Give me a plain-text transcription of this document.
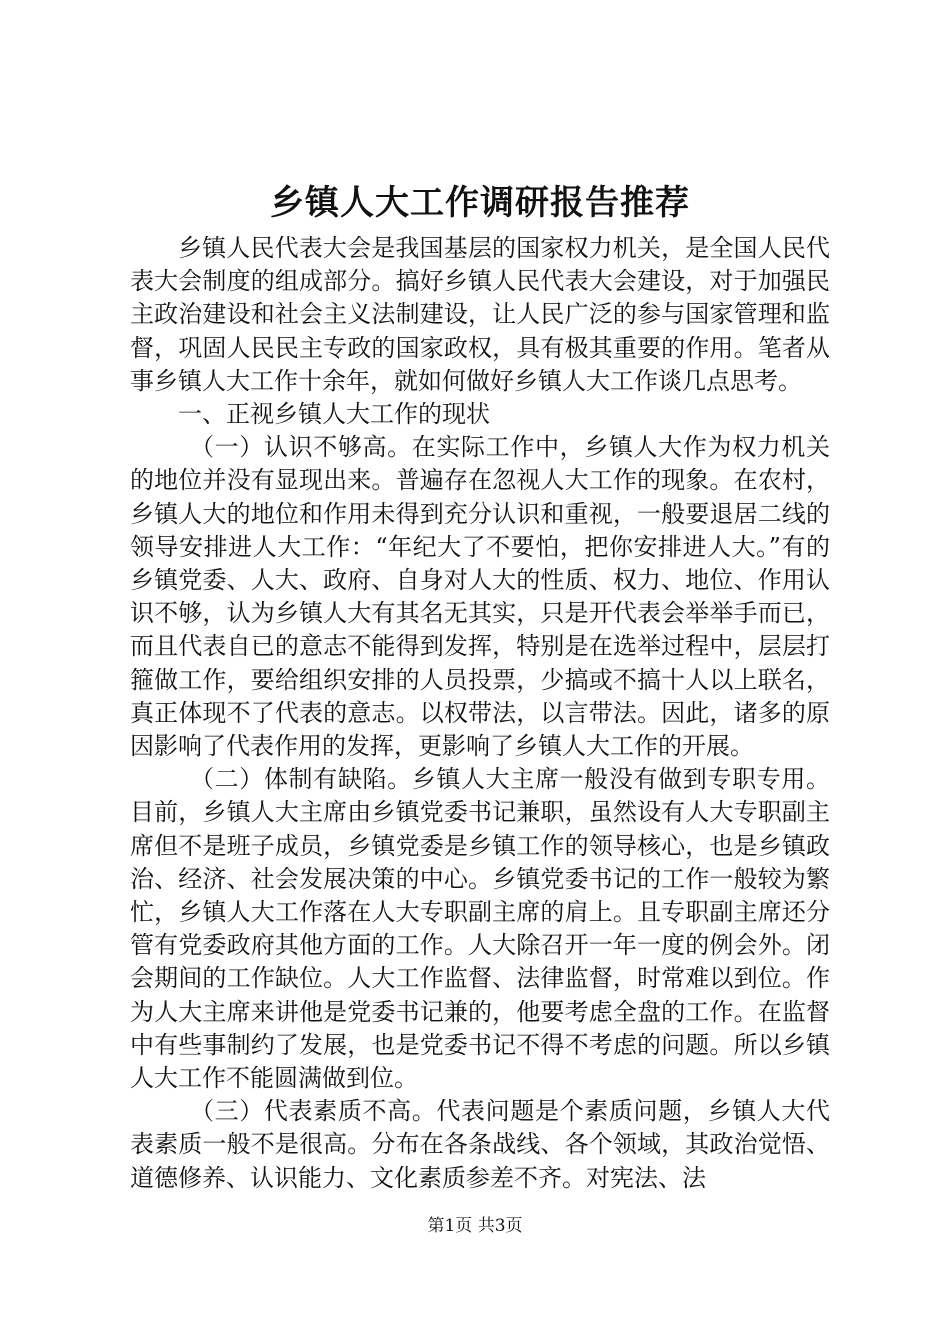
乡镇人大工作调研报告推荐

乡镇人民代表大会是我国基层的国家权力机关，是全国人民代表大会制度的组成部分。搞好乡镇人民代表大会建设，对于加强民主政治建设和社会主义法制建设，让人民广泛的参与国家管理和监督，巩固人民民主专政的国家政权，具有极其重要的作用。笔者从事乡镇人大工作十余年，就如何做好乡镇人大工作谈几点思考。

一、正视乡镇人大工作的现状

（一）认识不够高。在实际工作中，乡镇人大作为权力机关的地位并没有显现出来。普遍存在忽视人大工作的现象。在农村，乡镇人大的地位和作用未得到充分认识和重视，一般要退居二线的领导安排进人大工作：“年纪大了不要怕，把你安排进人大。”有的乡镇党委、人大、政府、自身对人大的性质、权力、地位、作用认识不够，认为乡镇人大有其名无其实，只是开代表会举举手而已，而且代表自已的意志不能得到发挥，特别是在选举过程中，层层打箍做工作，要给组织安排的人员投票，少搞或不搞十人以上联名，真正体现不了代表的意志。以权带法，以言带法。因此，诸多的原因影响了代表作用的发挥，更影响了乡镇人大工作的开展。

（二）体制有缺陷。乡镇人大主席一般没有做到专职专用。目前，乡镇人大主席由乡镇党委书记兼职，虽然设有人大专职副主席但不是班子成员，乡镇党委是乡镇工作的领导核心，也是乡镇政治、经济、社会发展决策的中心。乡镇党委书记的工作一般较为繁忙，乡镇人大工作落在人大专职副主席的肩上。且专职副主席还分管有党委政府其他方面的工作。人大除召开一年一度的例会外。闭会期间的工作缺位。人大工作监督、法律监督，时常难以到位。作为人大主席来讲他是党委书记兼的，他要考虑全盘的工作。在监督中有些事制约了发展，也是党委书记不得不考虑的问题。所以乡镇人大工作不能圆满做到位。

（三）代表素质不高。代表问题是个素质问题，乡镇人大代表素质一般不是很高。分布在各条战线、各个领域，其政治觉悟、道德修养、认识能力、文化素质参差不齐。对宪法、法

第1页 共3页
